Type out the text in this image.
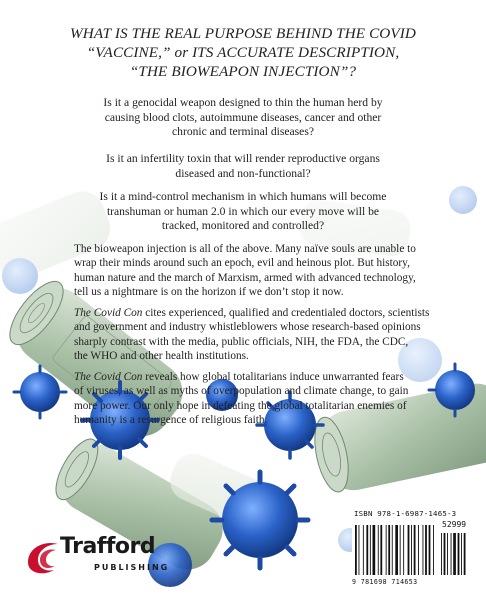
WHAT IS THE REAL PURPOSE BEHIND THE COVID
“VACCINE,” or ITS ACCURATE DESCRIPTION,
“THE BIOWEAPON INJECTION”?
Is it a genocidal weapon designed to thin the human herd by
causing blood clots, autoimmune diseases, cancer and other
chronic and terminal diseases?
Is it an infertility toxin that will render reproductive organs
diseased and non-functional?
Is it a mind-control mechanism in which humans will become
transhuman or human 2.0 in which our every move will be
tracked, monitored and controlled?
The bioweapon injection is all of the above. Many naïve souls are unable to
wrap their minds around such an epoch, evil and heinous plot. But history,
human nature and the march of Marxism, armed with advanced technology,
tell us a nightmare is on the horizon if we don’t stop it now.
The Covid Con cites experienced, qualified and credentialed doctors, scientists
and government and industry whistleblowers whose research-based opinions
sharply contrast with the media, public officials, NIH, the FDA, the CDC,
the WHO and other health institutions.
The Covid Con reveals how global totalitarians induce unwarranted fears
of viruses, as well as myths of overpopulation and climate change, to gain
more power. Our only hope in defeating the global totalitarian enemies of
humanity is a resurgence of religious faith.
Trafford
PUBLISHING
ISBN 978-1-6987-1465-3
52999
9 781698 714653
